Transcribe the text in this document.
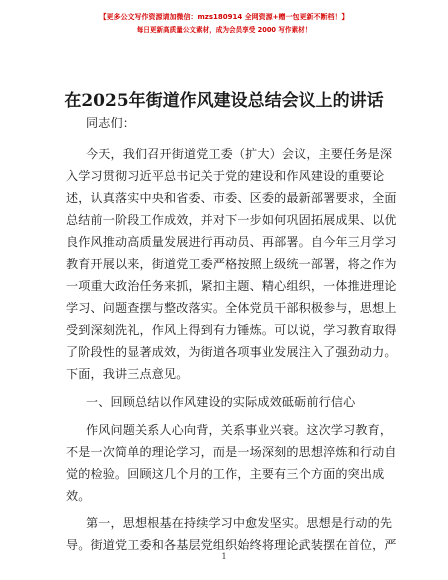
【更多公文写作资源请加微信：mzs180914 全网资源+赠一包更新不断档！】
每日更新高质量公文素材，成为会员享受 2000 写作素材！
在2025年街道作风建设总结会议上的讲话
同志们：
今天，我们召开街道党工委（扩大）会议，主要任务是深
入学习贯彻习近平总书记关于党的建设和作风建设的重要论
述，认真落实中央和省委、市委、区委的最新部署要求，全面
总结前一阶段工作成效，并对下一步如何巩固拓展成果、以优
良作风推动高质量发展进行再动员、再部署。自今年三月学习
教育开展以来，街道党工委严格按照上级统一部署，将之作为
一项重大政治任务来抓，紧扣主题、精心组织，一体推进理论
学习、问题查摆与整改落实。全体党员干部积极参与，思想上
受到深刻洗礼，作风上得到有力锤炼。可以说，学习教育取得
了阶段性的显著成效，为街道各项事业发展注入了强劲动力。
下面，我讲三点意见。
一、回顾总结以作风建设的实际成效砥砺前行信心
作风问题关系人心向背，关系事业兴衰。这次学习教育，
不是一次简单的理论学习，而是一场深刻的思想淬炼和行动自
觉的检验。回顾这几个月的工作，主要有三个方面的突出成
效。
第一，思想根基在持续学习中愈发坚实。思想是行动的先
导。街道党工委和各基层党组织始终将理论武装摆在首位，严
1
